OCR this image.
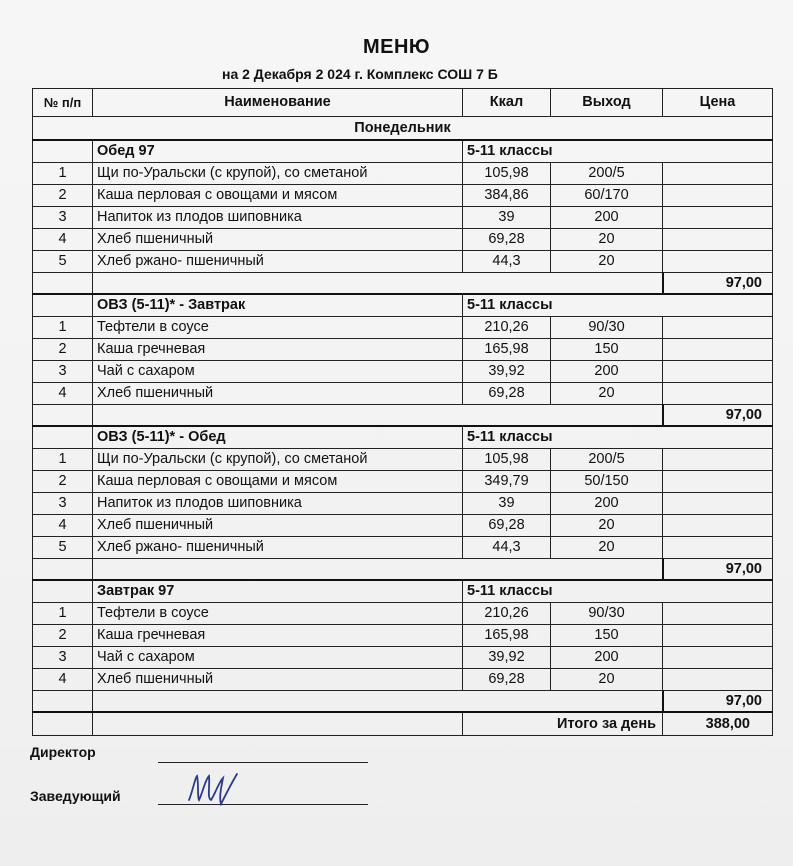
МЕНЮ
на 2 Декабря 2 024 г. Комплекс СОШ 7 Б
№ п/п	Наименование	Ккал	Выход	Цена
Понедельник				
	Обед 97	5-11 классы		
1	Щи по-Уральски (с крупой), со сметаной	105,98	200/5	
2	Каша перловая с овощами и мясом	384,86	60/170	
3	Напиток из плодов шиповника	39	200	
4	Хлеб пшеничный	69,28	20	
5	Хлеб ржано- пшеничный	44,3	20	
				97,00
	ОВЗ (5-11)* - Завтрак	5-11 классы		
1	Тефтели в соусе	210,26	90/30	
2	Каша гречневая	165,98	150	
3	Чай с сахаром	39,92	200	
4	Хлеб пшеничный	69,28	20	
				97,00
	ОВЗ (5-11)* - Обед	5-11 классы		
1	Щи по-Уральски (с крупой), со сметаной	105,98	200/5	
2	Каша перловая с овощами и мясом	349,79	50/150	
3	Напиток из плодов шиповника	39	200	
4	Хлеб пшеничный	69,28	20	
5	Хлеб ржано- пшеничный	44,3	20	
				97,00
	Завтрак 97	5-11 классы		
1	Тефтели в соусе	210,26	90/30	
2	Каша гречневая	165,98	150	
3	Чай с сахаром	39,92	200	
4	Хлеб пшеничный	69,28	20	
				97,00
		Итого за день		388,00
Директор
Заведующий
